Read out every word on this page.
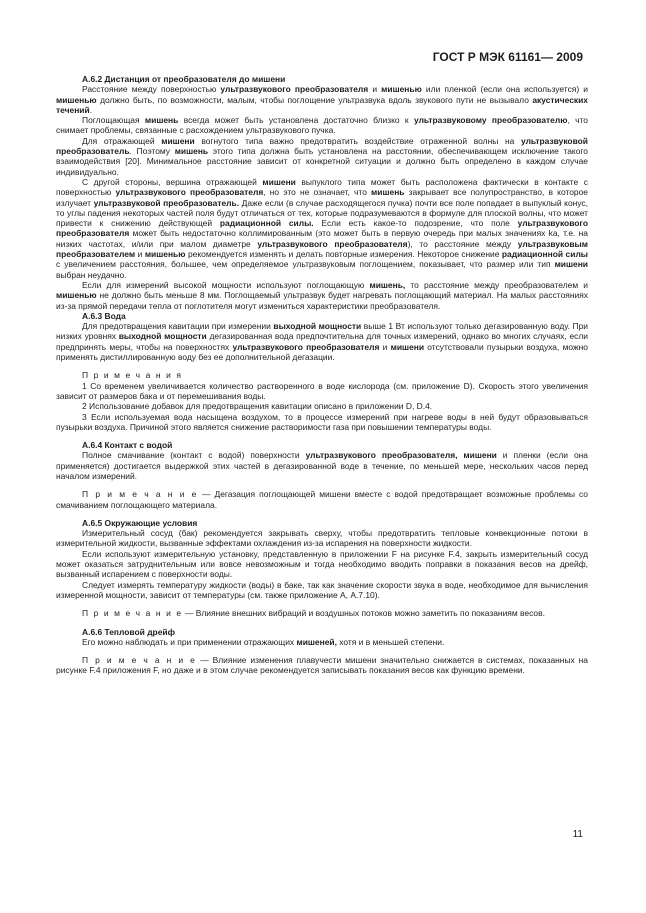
ГОСТ Р МЭК 61161— 2009
А.6.2 Дистанция от преобразователя до мишени

Расстояние между поверхностью ультразвукового преобразователя и мишенью или пленкой (если она используется) и мишенью должно быть, по возможности, малым, чтобы поглощение ультразвука вдоль звукового пути не вызывало акустических течений.

Поглощающая мишень всегда может быть установлена достаточно близко к ультразвуковому преобразователю, что снимает проблемы, связанные с расхождением ультразвукового пучка.

Для отражающей мишени вогнутого типа важно предотвратить воздействие отраженной волны на ультразвуковой преобразователь. Поэтому мишень этого типа должна быть установлена на расстоянии, обеспечивающем исключение такого взаимодействия [20]. Минимальное расстояние зависит от конкретной ситуации и должно быть определено в каждом случае индивидуально.

С другой стороны, вершина отражающей мишени выпуклого типа может быть расположена фактически в контакте с поверхностью ультразвукового преобразователя, но это не означает, что мишень закрывает все полупространство, в которое излучает ультразвуковой преобразователь. Даже если (в случае расходящегося пучка) почти все поле попадает в выпуклый конус, то углы падения некоторых частей поля будут отличаться от тех, которые подразумеваются в формуле для плоской волны, что может привести к снижению действующей радиационной силы. Если есть какое-то подозрение, что поле ультразвукового преобразователя может быть недостаточно коллимированным (это может быть в первую очередь при малых значениях ka, т.е. на низких частотах, и/или при малом диаметре ультразвукового преобразователя), то расстояние между ультразвуковым преобразователем и мишенью рекомендуется изменять и делать повторные измерения. Некоторое снижение радиационной силы с увеличением расстояния, большее, чем определяемое ультразвуковым поглощением, показывает, что размер или тип мишени выбран неудачно.

Если для измерений высокой мощности используют поглощающую мишень, то расстояние между преобразователем и мишенью не должно быть меньше 8 мм. Поглощаемый ультразвук будет нагревать поглощающий материал. На малых расстояниях из-за прямой передачи тепла от поглотителя могут измениться характеристики преобразователя.

А.6.3 Вода

Для предотвращения кавитации при измерении выходной мощности выше 1 Вт используют только дегазированную воду. При низких уровнях выходной мощности дегазированная вода предпочтительна для точных измерений, однако во многих случаях, если предпринять меры, чтобы на поверхностях ультразвукового преобразователя и мишени отсутствовали пузырьки воздуха, можно применять дистиллированную воду без ее дополнительной дегазации.

П р и м е ч а н и я

1 Со временем увеличивается количество растворенного в воде кислорода (см. приложение D). Скорость этого увеличения зависит от размеров бака и от перемешивания воды.

2 Использование добавок для предотвращения кавитации описано в приложении D, D.4.

3 Если используемая вода насыщена воздухом, то в процессе измерений при нагреве воды в ней будут образовываться пузырьки воздуха. Причиной этого является снижение растворимости газа при повышении температуры воды.

А.6.4 Контакт с водой

Полное смачивание (контакт с водой) поверхности ультразвукового преобразователя, мишени и пленки (если она применяется) достигается выдержкой этих частей в дегазированной воде в течение, по меньшей мере, нескольких часов перед началом измерений.

П р и м е ч а н и е — Дегазация поглощающей мишени вместе с водой предотвращает возможные проблемы со смачиванием поглощающего материала.

А.6.5 Окружающие условия

Измерительный сосуд (бак) рекомендуется закрывать сверху, чтобы предотвратить тепловые конвекционные потоки в измерительной жидкости, вызванные эффектами охлаждения из-за испарения на поверхности жидкости.

Если используют измерительную установку, представленную в приложении F на рисунке F.4, закрыть измерительный сосуд может оказаться затруднительным или вовсе невозможным и тогда необходимо вводить поправки в показания весов на дрейф, вызванный испарением с поверхности воды.

Следует измерять температуру жидкости (воды) в баке, так как значение скорости звука в воде, необходимое для вычисления измеренной мощности, зависит от температуры (см. также приложение А, А.7.10).

П р и м е ч а н и е — Влияние внешних вибраций и воздушных потоков можно заметить по показаниям весов.

А.6.6 Тепловой дрейф

Его можно наблюдать и при применении отражающих мишеней, хотя и в меньшей степени.

П р и м е ч а н и е — Влияние изменения плавучести мишени значительно снижается в системах, показанных на рисунке F.4 приложения F, но даже и в этом случае рекомендуется записывать показания весов как функцию времени.

11
